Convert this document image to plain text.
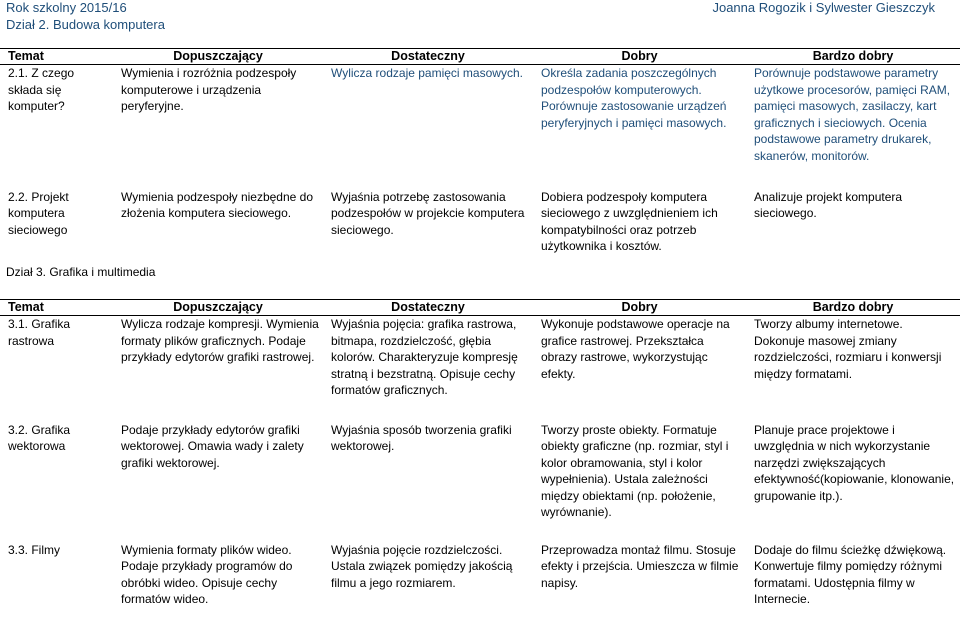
Rok szkolny 2015/16
Dział 2. Budowa komputera
Joanna Rogozik i Sylwester Gieszczyk
Temat	Dopuszczający	Dostateczny	Dobry	Bardzo dobry
2.1. Z czego składa się komputer?	Wymienia i rozróżnia podzespoły komputerowe i urządzenia peryferyjne.	Wylicza rodzaje pamięci masowych.	Określa zadania poszczególnych podzespołów komputerowych. Porównuje zastosowanie urządzeń peryferyjnych i pamięci masowych.	Porównuje podstawowe parametry użytkowe procesorów, pamięci RAM, pamięci masowych, zasilaczy, kart graficznych i sieciowych. Ocenia podstawowe parametry drukarek, skanerów, monitorów.
2.2. Projekt komputera sieciowego	Wymienia podzespoły niezbędne do złożenia komputera sieciowego.	Wyjaśnia potrzebę zastosowania podzespołów w projekcie komputera sieciowego.	Dobiera podzespoły komputera sieciowego z uwzględnieniem ich kompatybilności oraz potrzeb użytkownika i kosztów.	Analizuje projekt komputera sieciowego.
Dział 3. Grafika i multimedia
Temat	Dopuszczający	Dostateczny	Dobry	Bardzo dobry
3.1. Grafika rastrowa	Wylicza rodzaje kompresji. Wymienia formaty plików graficznych. Podaje przykłady edytorów grafiki rastrowej.	Wyjaśnia pojęcia: grafika rastrowa, bitmapa, rozdzielczość, głębia kolorów. Charakteryzuje kompresję stratną i bezstratną. Opisuje cechy formatów graficznych.	Wykonuje podstawowe operacje na grafice rastrowej. Przekształca obrazy rastrowe, wykorzystując efekty.	Tworzy albumy internetowe. Dokonuje masowej zmiany rozdzielczości, rozmiaru i konwersji między formatami.
3.2. Grafika wektorowa	Podaje przykłady edytorów grafiki wektorowej. Omawia wady i zalety grafiki wektorowej.	Wyjaśnia sposób tworzenia grafiki wektorowej.	Tworzy proste obiekty. Formatuje obiekty graficzne (np. rozmiar, styl i kolor obramowania, styl i kolor wypełnienia). Ustala zależności między obiektami (np. położenie, wyrównanie).	Planuje prace projektowe i uwzględnia w nich wykorzystanie narzędzi zwiększających efektywność(kopiowanie, klonowanie, grupowanie itp.).
3.3. Filmy	Wymienia formaty plików wideo. Podaje przykłady programów do obróbki wideo. Opisuje cechy formatów wideo.	Wyjaśnia pojęcie rozdzielczości. Ustala związek pomiędzy jakością filmu a jego rozmiarem.	Przeprowadza montaż filmu. Stosuje efekty i przejścia. Umieszcza w filmie napisy.	Dodaje do filmu ścieżkę dźwiękową. Konwertuje filmy pomiędzy różnymi formatami. Udostępnia filmy w Internecie.
